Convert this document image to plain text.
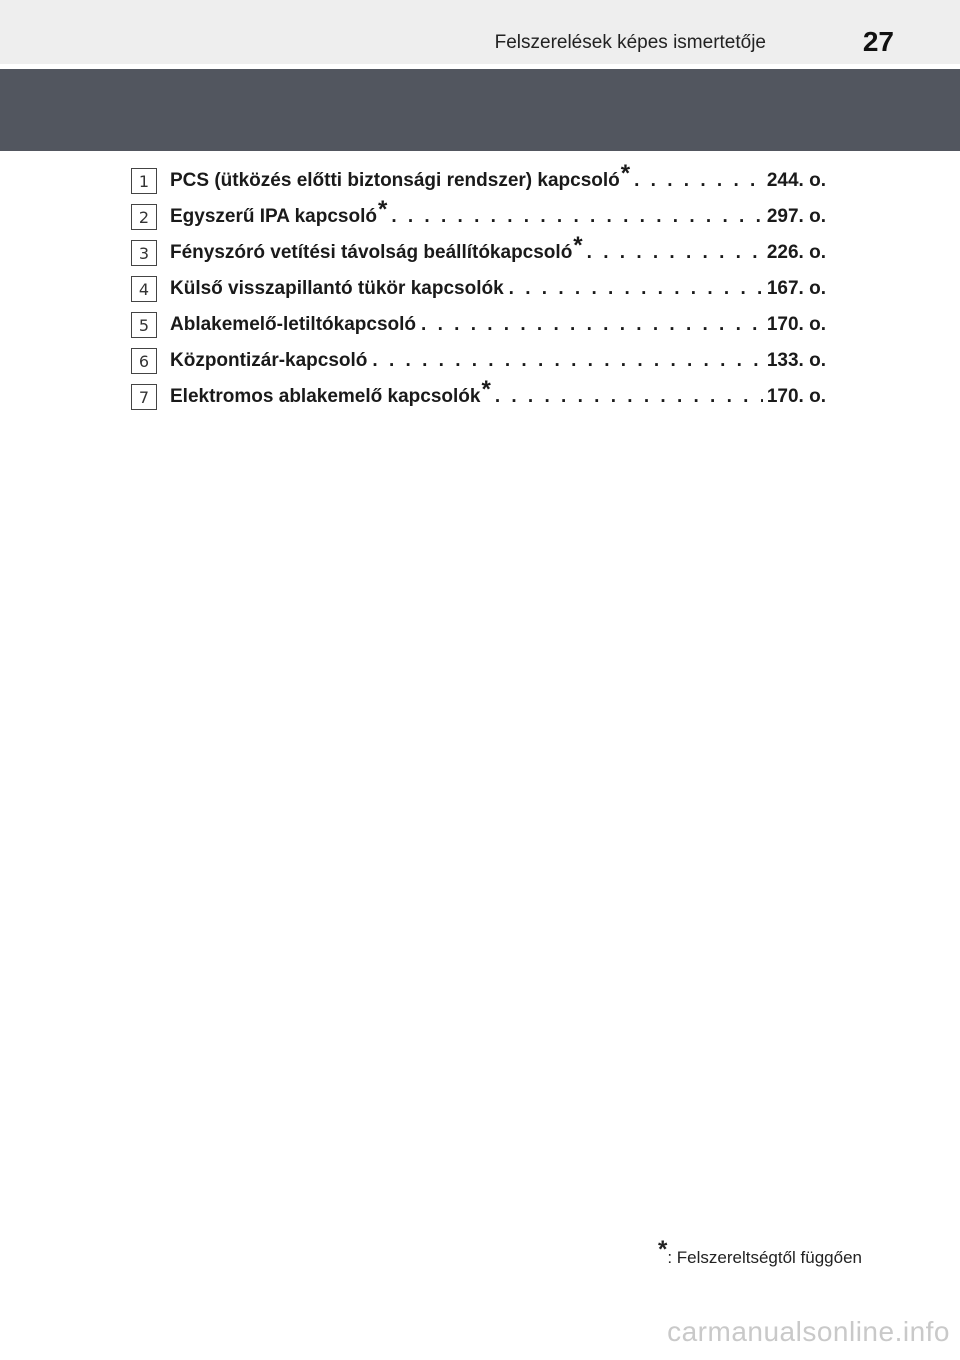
Felszerelések képes ismertetője	27
1	PCS (ütközés előtti biztonsági rendszer) kapcsoló* . . .	244. o.
2	Egyszerű IPA kapcsoló* . . .	297. o.
3	Fényszóró vetítési távolság beállítókapcsoló* . . .	226. o.
4	Külső visszapillantó tükör kapcsolók . . .	167. o.
5	Ablakemelő-letiltókapcsoló . . .	170. o.
6	Központizár-kapcsoló . . .	133. o.
7	Elektromos ablakemelő kapcsolók* . . .	170. o.
*: Felszereltségtől függően
carmanualsonline.info
